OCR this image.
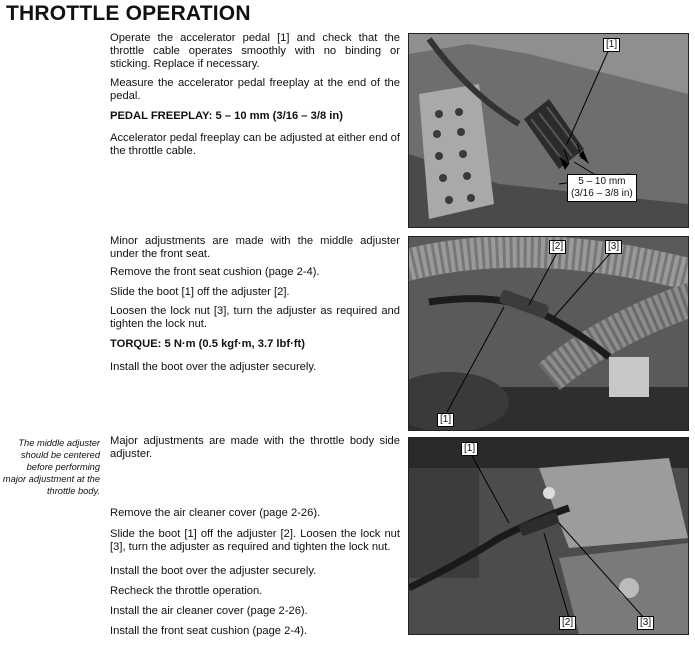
THROTTLE OPERATION

Operate the accelerator pedal [1] and check that the throttle cable operates smoothly with no binding or sticking. Replace if necessary.

Measure the accelerator pedal freeplay at the end of the pedal.

PEDAL FREEPLAY: 5 – 10 mm (3/16 – 3/8 in)

Accelerator pedal freeplay can be adjusted at either end of the throttle cable.

Minor adjustments are made with the middle adjuster under the front seat.

Remove the front seat cushion (page 2-4).

Slide the boot [1] off the adjuster [2].

Loosen the lock nut [3], turn the adjuster as required and tighten the lock nut.

TORQUE: 5 N·m (0.5 kgf·m, 3.7 lbf·ft)

Install the boot over the adjuster securely.

The middle adjuster should be centered before performing major adjustment at the throttle body.

Major adjustments are made with the throttle body side adjuster.

Remove the air cleaner cover (page 2-26).

Slide the boot [1] off the adjuster [2]. Loosen the lock nut [3], turn the adjuster as required and tighten the lock nut.

Install the boot over the adjuster securely.

Recheck the throttle operation.

Install the air cleaner cover (page 2-26).

Install the front seat cushion (page 2-4).

[1]
5 – 10 mm
(3/16 – 3/8 in)
[2]	[3]
[1]
[1]
[2]	[3]
